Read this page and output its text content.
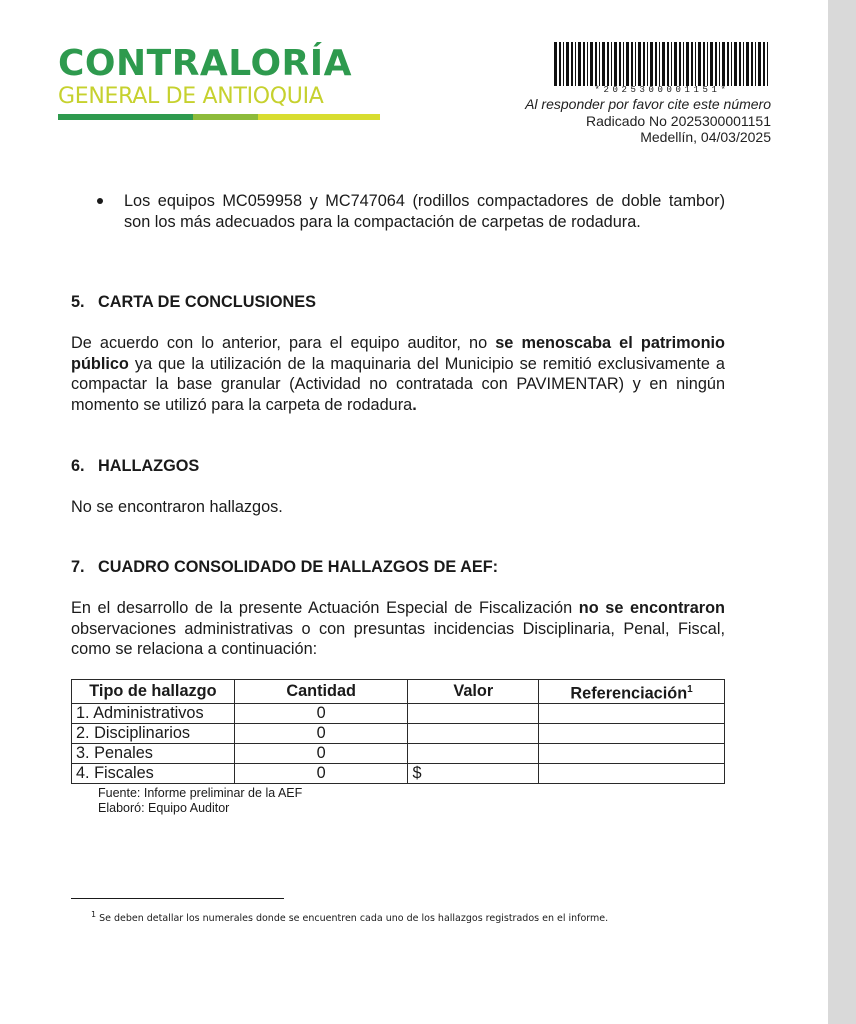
CONTRALORÍA
GENERAL DE ANTIOQUIA	*2025300001151*
Al responder por favor cite este número
Radicado No 2025300001151
Medellín, 04/03/2025
Los equipos MC059958 y MC747064 (rodillos compactadores de doble tambor) son los más adecuados para la compactación de carpetas de rodadura.
5. CARTA DE CONCLUSIONES
De acuerdo con lo anterior, para el equipo auditor, no se menoscaba el patrimonio público ya que la utilización de la maquinaria del Municipio se remitió exclusivamente a compactar la base granular (Actividad no contratada con PAVIMENTAR) y en ningún momento se utilizó para la carpeta de rodadura.
6. HALLAZGOS
No se encontraron hallazgos.
7. CUADRO CONSOLIDADO DE HALLAZGOS DE AEF:
En el desarrollo de la presente Actuación Especial de Fiscalización no se encontraron observaciones administrativas o con presuntas incidencias Disciplinaria, Penal, Fiscal, como se relaciona a continuación:
Tipo de hallazgo	Cantidad	Valor	Referenciación$^1$
1. Administrativos	0		
2. Disciplinarios	0		
3. Penales	0		
4. Fiscales	0	$	
Fuente: Informe preliminar de la AEF
Elaboró: Equipo Auditor
$^1$ Se deben detallar los numerales donde se encuentren cada uno de los hallazgos registrados en el informe.
